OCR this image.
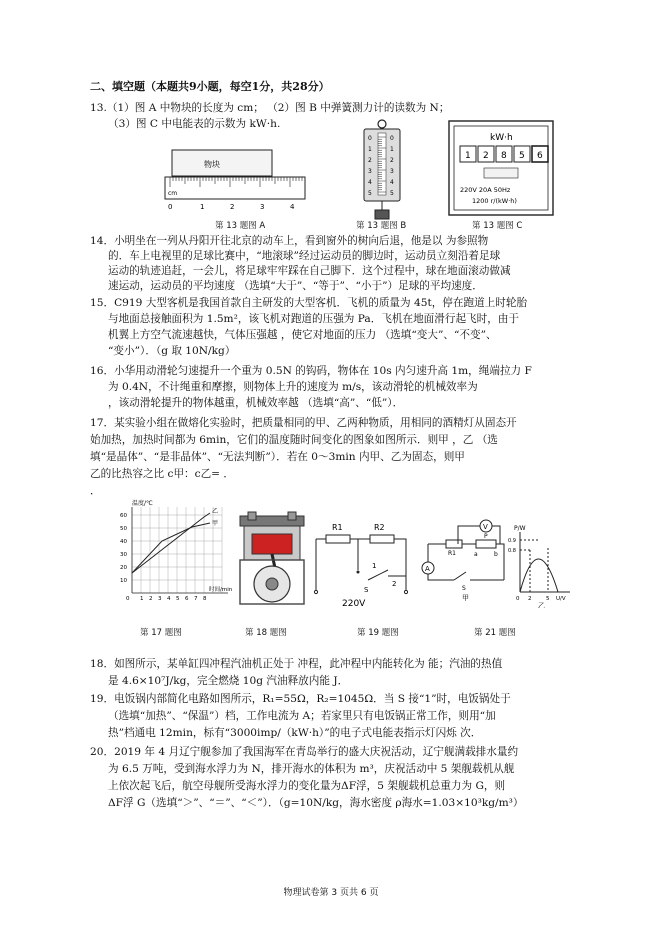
二、填空题（本题共9小题，每空1分，共28分）
13.（1）图 A 中物块的长度为 cm； （2）图 B 中弹簧测力计的读数为 N；
（3）图 C 中电能表的示数为 kW·h.
物块
cm
0	1	2	3	4
第 13 题图 A
0
1
2
3
4
5
0
1
2
3
4
5
第 13 题图 B
kW·h
1 2 8 5 6
220V 20A 50Hz
1200 r/(kW·h)
第 13 题图 C
14．小明坐在一列从丹阳开往北京的动车上，看到窗外的树向后退，他是以 为参照物
的．车上电视里的足球比赛中，“地滚球”经过运动员的脚边时，运动员立刻沿着足球
运动的轨迹追赶，一会儿，将足球牢牢踩在自己脚下．这个过程中，球在地面滚动做减
速运动，运动员的平均速度 （选填“大于”、“等于”、“小于”）足球的平均速度．
15．C919 大型客机是我国首款自主研发的大型客机．飞机的质量为 45t，停在跑道上时轮胎
与地面总接触面积为 1.5m²，该飞机对跑道的压强为 Pa．飞机在地面滑行起飞时，由于
机翼上方空气流速越快，气体压强越 ，使它对地面的压力 （选填“变大”、“不变”、
“变小”）．（g 取 10N/kg）
16．小华用动滑轮匀速提升一个重为 0.5N 的钩码，物体在 10s 内匀速升高 1m，绳端拉力 F
为 0.4N，不计绳重和摩擦，则物体上升的速度为 m/s，该动滑轮的机械效率为
，该动滑轮提升的物体越重，机械效率越 （选填“高”、“低”）．
17．某实验小组在做熔化实验时，把质量相同的甲、乙两种物质，用相同的酒精灯从固态开
始加热，加热时间都为 6min，它们的温度随时间变化的图象如图所示．则甲 ，乙 （选
填“是晶体”、“是非晶体”、“无法判断”）．若在 0～3min 内甲、乙为固态，则甲
乙的比热容之比 c甲：c乙= ．
．
温度/℃
乙
甲
60
50
40
30
20
10
0 1 2 3 4 5 6 7 8
时间/min
第 17 题图	第 18 题图
R1	R2
S
1
2
220V
第 19 题图
V
R1	a	b
P
A
S
甲
P/W
0.9
0.8
0 2	5 U/V
乙
第 21 题图
18．如图所示，某单缸四冲程汽油机正处于 冲程，此冲程中内能转化为 能；汽油的热值
是 4.6×10⁷J/kg，完全燃烧 10g 汽油释放内能 J．
19．电饭锅内部简化电路如图所示，R₁=55Ω，R₂=1045Ω．当 S 接“1”时，电饭锅处于
（选填“加热”、“保温”）档，工作电流为 A；若家里只有电饭锅正常工作，则用“加
热”档通电 12min，标有“3000imp/（kW·h）”的电子式电能表指示灯闪烁 次．
20．2019 年 4 月辽宁舰参加了我国海军在青岛举行的盛大庆祝活动，辽宁舰满载排水量约
为 6.5 万吨，受到海水浮力为 N，排开海水的体积为 m³，庆祝活动中 5 架舰载机从舰
上依次起飞后，航空母舰所受海水浮力的变化量为ΔF浮，5 架舰载机总重力为 G，则
ΔF浮 G（选填“＞”、“＝”、“＜”）．（g=10N/kg，海水密度 ρ海水=1.03×10³kg/m³）
物理试卷第 3 页共 6 页
